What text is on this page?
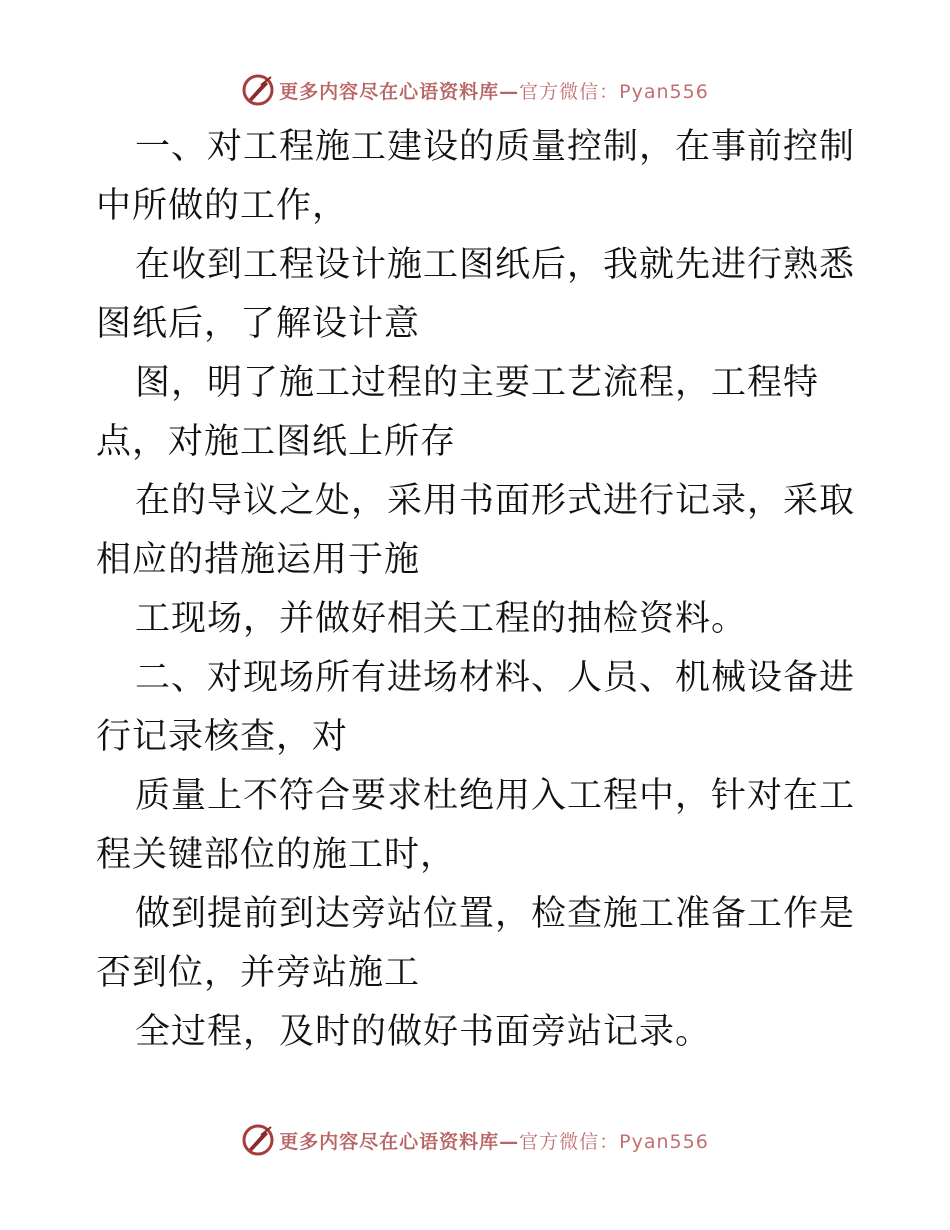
更多内容尽在心语资料库— 官方微信：Pyan556

一、对工程施工建设的质量控制，在事前控制中所做的工作，

在收到工程设计施工图纸后，我就先进行熟悉图纸后，了解设计意

图，明了施工过程的主要工艺流程，工程特点，对施工图纸上所存

在的导议之处，采用书面形式进行记录，采取相应的措施运用于施

工现场，并做好相关工程的抽检资料。

二、对现场所有进场材料、人员、机械设备进行记录核查，对

质量上不符合要求杜绝用入工程中，针对在工程关键部位的施工时，

做到提前到达旁站位置，检查施工准备工作是否到位，并旁站施工

全过程，及时的做好书面旁站记录。

更多内容尽在心语资料库— 官方微信：Pyan556
